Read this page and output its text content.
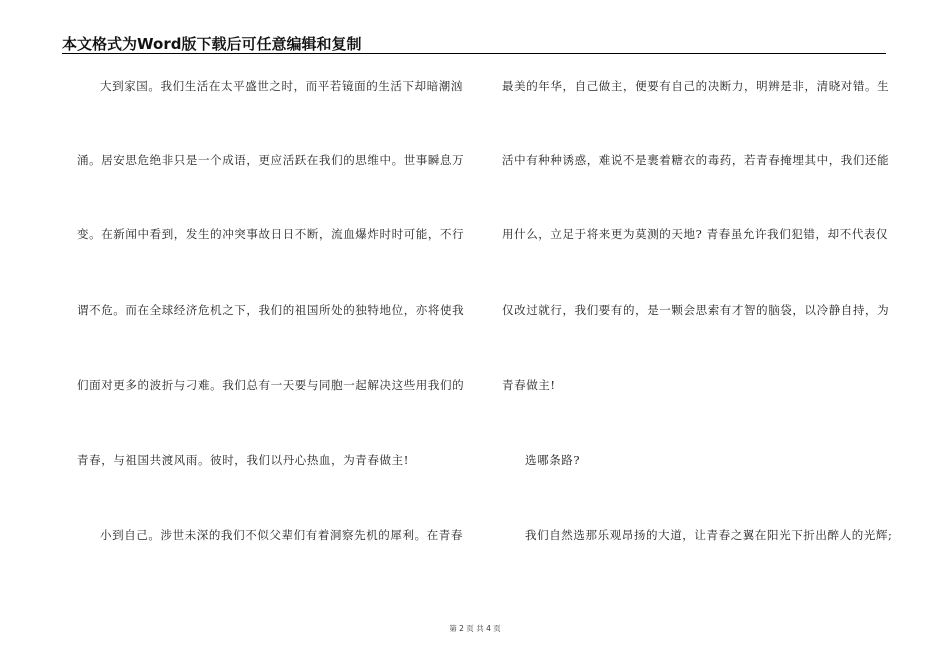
本文格式为Word版下载后可任意编辑和复制
大到家国。我们生活在太平盛世之时，而平若镜面的生活下却暗潮汹
涌。居安思危绝非只是一个成语，更应活跃在我们的思维中。世事瞬息万
变。在新闻中看到，发生的冲突事故日日不断，流血爆炸时时可能，不行
谓不危。而在全球经济危机之下，我们的祖国所处的独特地位，亦将使我
们面对更多的波折与刁难。我们总有一天要与同胞一起解决这些用我们的
青春，与祖国共渡风雨。彼时，我们以丹心热血，为青春做主!
小到自己。涉世未深的我们不似父辈们有着洞察先机的犀利。在青春
最美的年华，自己做主，便要有自己的决断力，明辨是非，清晓对错。生
活中有种种诱惑，难说不是裹着糖衣的毒药，若青春掩埋其中，我们还能
用什么，立足于将来更为莫测的天地? 青春虽允许我们犯错，却不代表仅
仅改过就行，我们要有的，是一颗会思索有才智的脑袋，以冷静自持，为
青春做主!
选哪条路?
我们自然选那乐观昂扬的大道，让青春之翼在阳光下折出醉人的光辉;
第 2 页 共 4 页
